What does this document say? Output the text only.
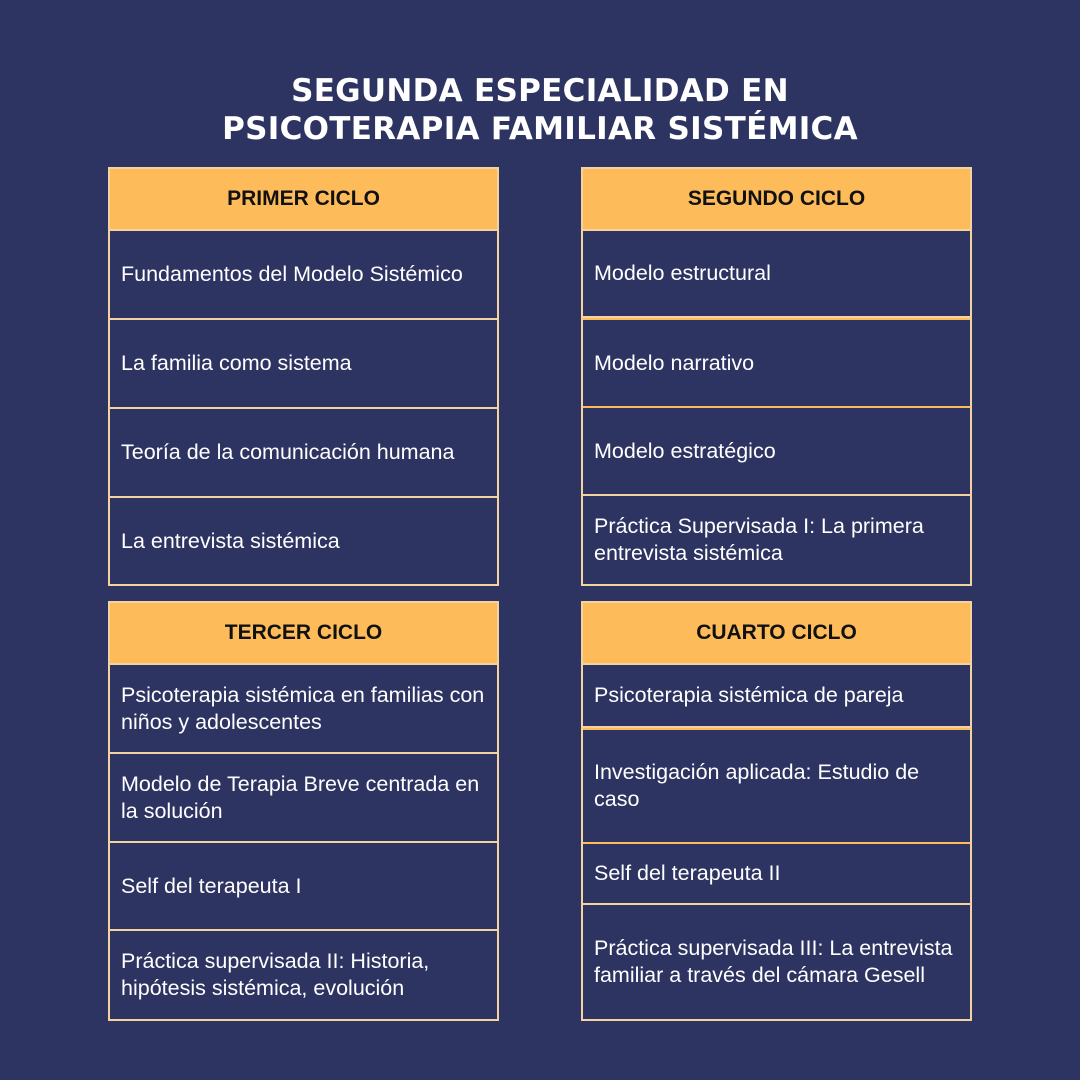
SEGUNDA ESPECIALIDAD EN
PSICOTERAPIA FAMILIAR SISTÉMICA
PRIMER CICLO
Fundamentos del Modelo Sistémico
La familia como sistema
Teoría de la comunicación humana
La entrevista sistémica
SEGUNDO CICLO
Modelo estructural
Modelo narrativo
Modelo estratégico
Práctica Supervisada I: La primera entrevista sistémica
TERCER CICLO
Psicoterapia sistémica en familias con niños y adolescentes
Modelo de Terapia Breve centrada en la solución
Self del terapeuta I
Práctica supervisada II: Historia, hipótesis sistémica, evolución
CUARTO CICLO
Psicoterapia sistémica de pareja
Investigación aplicada: Estudio de caso
Self del terapeuta II
Práctica supervisada III: La entrevista familiar a través del cámara Gesell
